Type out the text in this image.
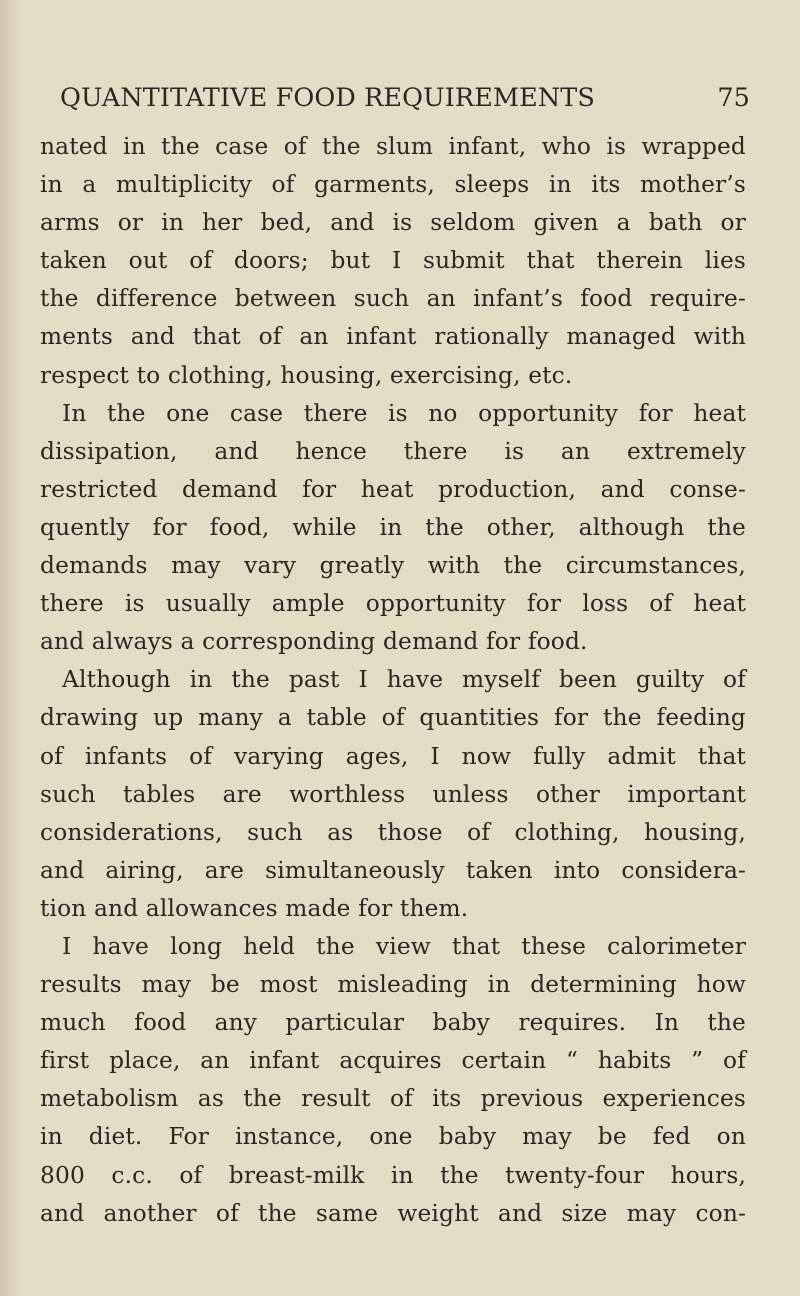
QUANTITATIVE FOOD REQUIREMENTS	75
nated in the case of the slum infant, who is wrapped
in a multiplicity of garments, sleeps in its mother’s
arms or in her bed, and is seldom given a bath or
taken out of doors; but I submit that therein lies
the difference between such an infant’s food require-
ments and that of an infant rationally managed with
respect to clothing, housing, exercising, etc.
In the one case there is no opportunity for heat
dissipation, and hence there is an extremely
restricted demand for heat production, and conse-
quently for food, while in the other, although the
demands may vary greatly with the circumstances,
there is usually ample opportunity for loss of heat
and always a corresponding demand for food.
Although in the past I have myself been guilty of
drawing up many a table of quantities for the feeding
of infants of varying ages, I now fully admit that
such tables are worthless unless other important
considerations, such as those of clothing, housing,
and airing, are simultaneously taken into considera-
tion and allowances made for them.
I have long held the view that these calorimeter
results may be most misleading in determining how
much food any particular baby requires. In the
first place, an infant acquires certain “ habits ” of
metabolism as the result of its previous experiences
in diet. For instance, one baby may be fed on
800 c.c. of breast-milk in the twenty-four hours,
and another of the same weight and size may con-
